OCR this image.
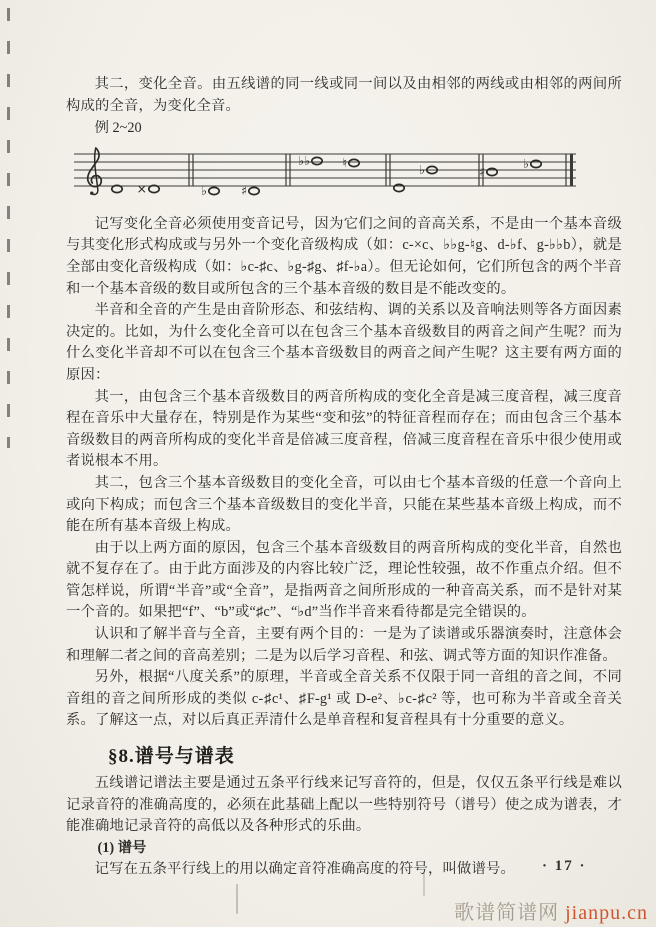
其二，变化全音。由五线谱的同一线或同一间以及由相邻的两线或由相邻的两间所构成的全音，为变化全音。

例 2~20

×	♭	♯
♭♭	♮	♭	♯
♭

记写变化全音必须使用变音记号，因为它们之间的音高关系，不是由一个基本音级与其变化形式构成或与另外一个变化音级构成（如：c-×c、♭♭g-♮g、d-♭f、g-♭♭b），就是全部由变化音级构成（如：♭c-♯c、♭g-♯g、♯f-♭a）。但无论如何，它们所包含的两个半音和一个基本音级的数目或所包含的三个基本音级的数目是不能改变的。

半音和全音的产生是由音阶形态、和弦结构、调的关系以及音响法则等各方面因素决定的。比如，为什么变化全音可以在包含三个基本音级数目的两音之间产生呢？而为什么变化半音却不可以在包含三个基本音级数目的两音之间产生呢？这主要有两方面的原因：

其一，由包含三个基本音级数目的两音所构成的变化全音是减三度音程，减三度音程在音乐中大量存在，特别是作为某些“变和弦”的特征音程而存在；而由包含三个基本音级数目的两音所构成的变化半音是倍减三度音程，倍减三度音程在音乐中很少使用或者说根本不用。

其二，包含三个基本音级数目的变化全音，可以由七个基本音级的任意一个音向上或向下构成；而包含三个基本音级数目的变化半音，只能在某些基本音级上构成，而不能在所有基本音级上构成。

由于以上两方面的原因，包含三个基本音级数目的两音所构成的变化半音，自然也就不复存在了。由于此方面涉及的内容比较广泛，理论性较强，故不作重点介绍。但不管怎样说，所谓“半音”或“全音”，是指两音之间所形成的一种音高关系，而不是针对某一个音的。如果把“f”、“b”或“♯c”、“♭d”当作半音来看待都是完全错误的。

认识和了解半音与全音，主要有两个目的：一是为了读谱或乐器演奏时，注意体会和理解二者之间的音高差别；二是为以后学习音程、和弦、调式等方面的知识作准备。

另外，根据“八度关系”的原理，半音或全音关系不仅限于同一音组的音之间，不同音组的音之间所形成的类似 c-♯c¹、♯F-g¹ 或 D-e²、♭c-♯c² 等，也可称为半音或全音关系。了解这一点，对以后真正弄清什么是单音程和复音程具有十分重要的意义。

§8.谱号与谱表

五线谱记谱法主要是通过五条平行线来记写音符的，但是，仅仅五条平行线是难以记录音符的准确高度的，必须在此基础上配以一些特别符号（谱号）使之成为谱表，才能准确地记录音符的高低以及各种形式的乐曲。

(1) 谱号

记写在五条平行线上的用以确定音符准确高度的符号，叫做谱号。	· 17 ·
歌谱简谱网 jianpu.cn
